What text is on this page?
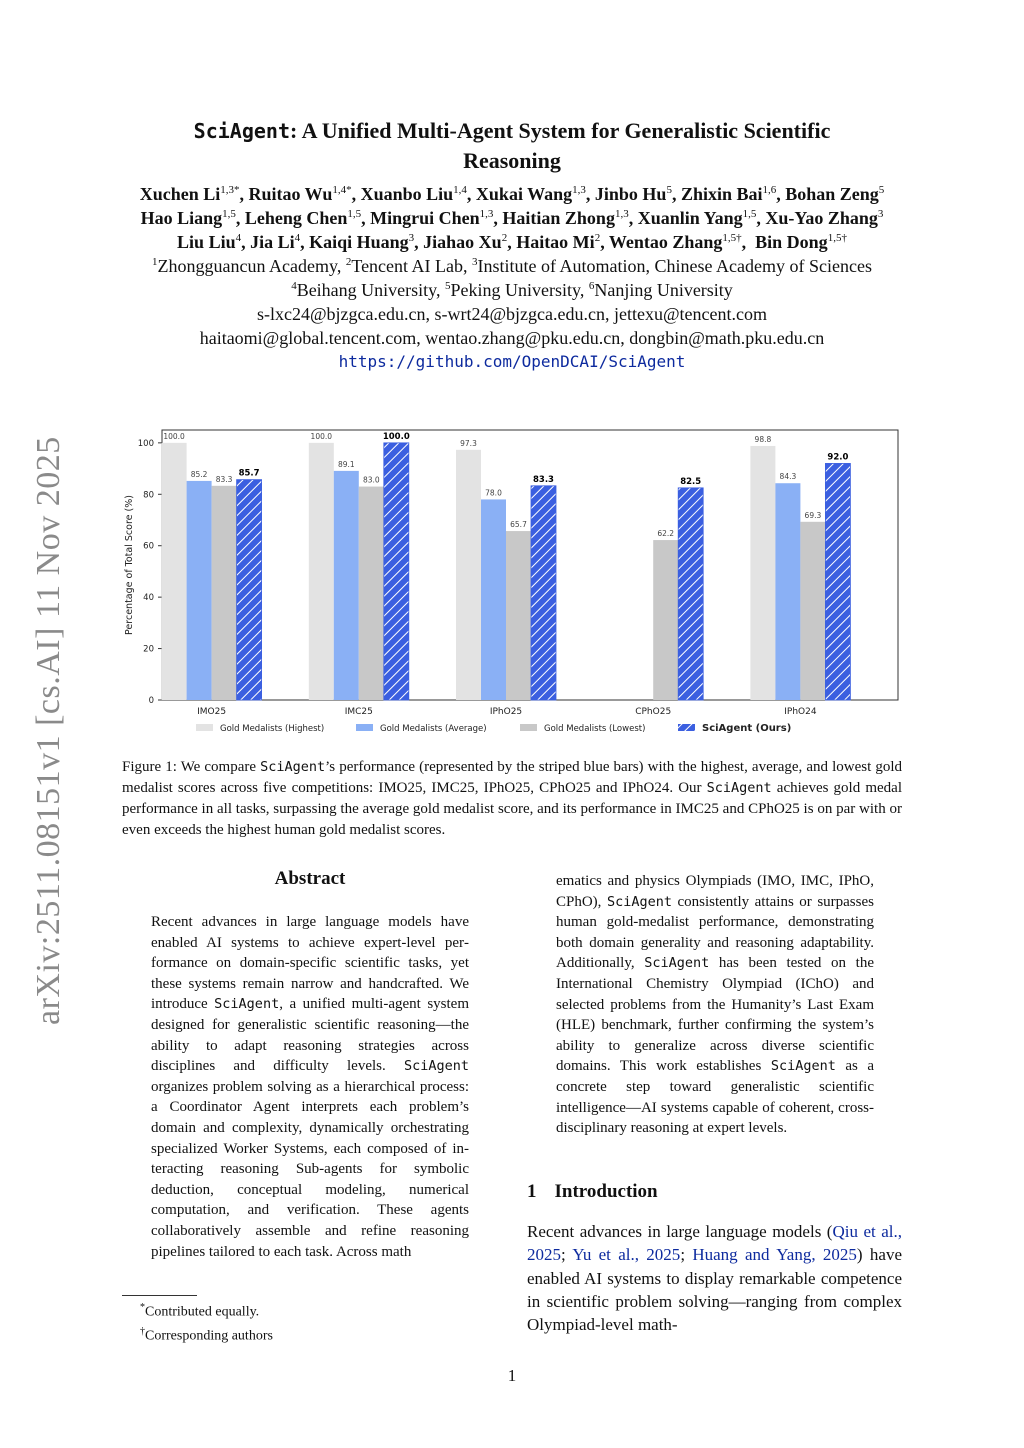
arXiv:2511.08151v1 [cs.AI] 11 Nov 2025
SciAgent: A Unified Multi-Agent System for Generalistic Scientific
Reasoning
Xuchen $Li^{1,3*}$, Ruitao $Wu^{1,4*}$, Xuanbo Liu$^{1,4}$, Xukai Wang$^{1,3}$, Jinbo Hu$^5$, Zhixin Bai$^{1,6}$, Bohan Zeng$^5$
Hao Liang$^{1,5}$, Leheng Chen$^{1,5}$, Mingrui Chen$^{1,3}$, Haitian Zhong$^{1,3}$, Xuanlin Yang$^{1,5}$, Xu-Yao Zhang$^3$
Liu Liu$^4$, Jia Li$^4$, Kaiqi Huang$^3$, Jiahao Xu$^2$, Haitao Mi$^2$, Wentao Zhang$^{1,5\dagger}$,  Bin Dong$^{1,5\dagger}$
$^1$Zhongguancun Academy, $^2$Tencent AI Lab, $^3$Institute of Automation, Chinese Academy of Sciences
$^4$Beihang University, $^5$Peking University, $^6$Nanjing University
s-lxc24@bjzgca.edu.cn, s-wrt24@bjzgca.edu.cn, jettexu@tencent.com
haitaomi@global.tencent.com, wentao.zhang@pku.edu.cn, dongbin@math.pku.edu.cn
https://github.com/OpenDCAI/SciAgent
0
20
40
60
80
100
Percentage of Total Score (%)
100.0
85.2
83.3
85.7
IMO25
100.0
89.1
83.0
100.0
IMC25
97.3
78.0
65.7
83.3
IPhO25
62.2
82.5
CPhO25
98.8
84.3
69.3
92.0
IPhO24
Gold Medalists (Highest)	Gold Medalists (Average)	Gold Medalists (Lowest)	SciAgent (Ours)
Figure 1: We compare SciAgent’s performance (represented by the striped blue bars) with the highest, average, and lowest gold medalist scores across five competitions: IMO25, IMC25, IPhO25, CPhO25 and IPhO24. Our SciAgent achieves gold medal performance in all tasks, surpassing the average gold medalist score, and its performance in IMC25 and CPhO25 is on par with or even exceeds the highest human gold medalist scores.
Abstract
Recent advances in large language models have enabled AI systems to achieve expert-level performance on domain-specific scientific tasks, yet these systems remain narrow and handcrafted. We introduce SciAgent, a unified multi-agent system designed for generalistic scientific reasoning—the ability to adapt reasoning strategies across disciplines and difficulty levels. SciAgent organizes problem solving as a hierarchical process: a Coordinator Agent interprets each problem’s domain and complexity, dynamically orchestrating specialized Worker Systems, each composed of interacting reasoning Sub-agents for symbolic deduction, conceptual modeling, numerical computation, and verification. These agents collaboratively assemble and refine reasoning pipelines tailored to each task. Across math
ematics and physics Olympiads (IMO, IMC, IPhO, CPhO), SciAgent consistently attains or surpasses human gold-medalist performance, demonstrating both domain generality and reasoning adaptability. Additionally, SciAgent has been tested on the International Chemistry Olympiad (IChO) and selected problems from the Humanity’s Last Exam (HLE) benchmark, further confirming the system’s ability to generalize across diverse scientific domains. This work establishes SciAgent as a concrete step toward generalistic scientific intelligence—AI systems capable of coherent, cross-disciplinary reasoning at expert levels.
1 Introduction
Recent advances in large language models (Qiu et al., 2025; Yu et al., 2025; Huang and Yang, 2025) have enabled AI systems to display remarkable competence in scientific problem solving—ranging from complex Olympiad-level math-
*Contributed equally.
†Corresponding authors
1
